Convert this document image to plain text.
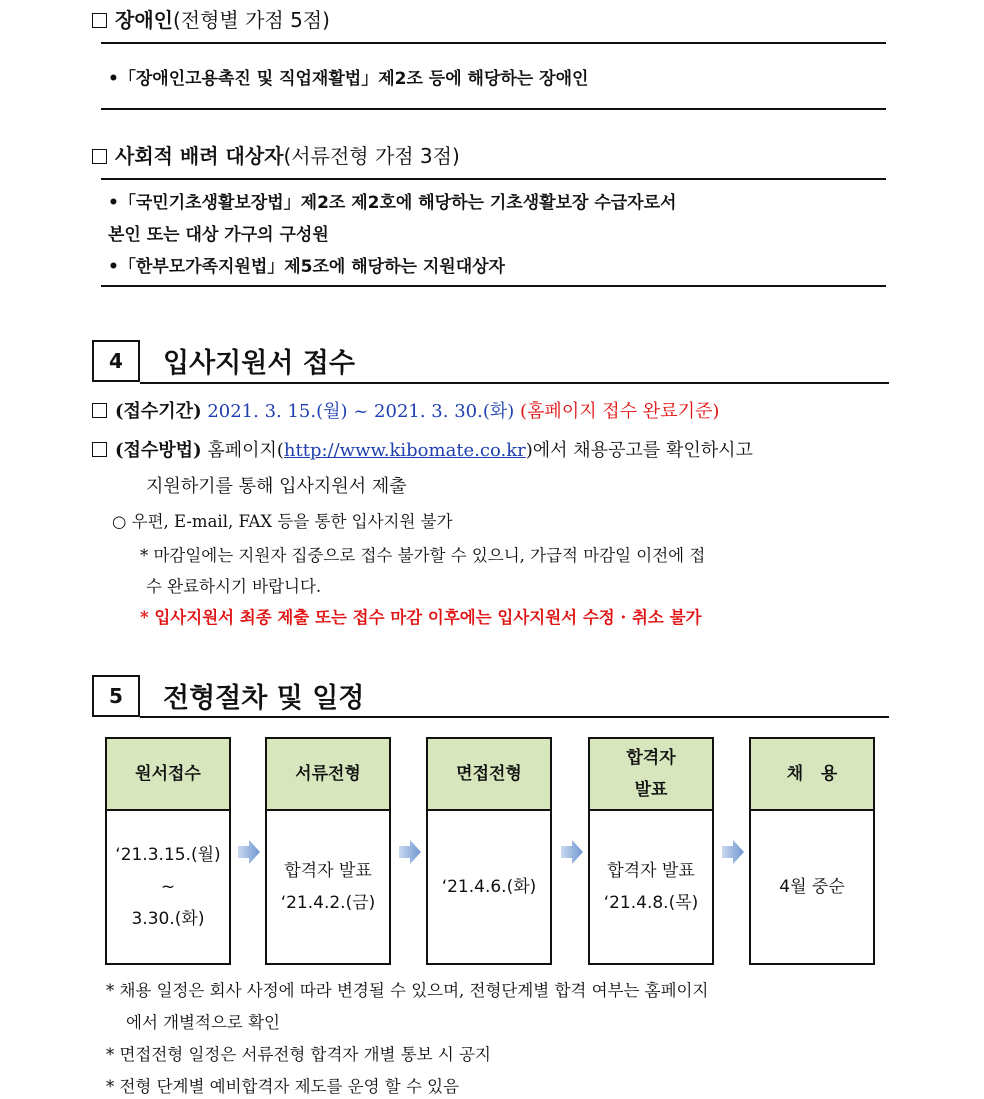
장애인(전형별 가점 5점)
•「장애인고용촉진 및 직업재활법」제2조 등에 해당하는 장애인
사회적 배려 대상자(서류전형 가점 3점)
•「국민기초생활보장법」제2조 제2호에 해당하는 기초생활보장 수급자로서
본인 또는 대상 가구의 구성원
•「한부모가족지원법」제5조에 해당하는 지원대상자
4	입사지원서 접수
(접수기간) 2021. 3. 15.(월) ~ 2021. 3. 30.(화) (홈페이지 접수 완료기준)
(접수방법) 홈페이지(http://www.kibomate.co.kr)에서 채용공고를 확인하시고
지원하기를 통해 입사지원서 제출
○ 우편, E-mail, FAX 등을 통한 입사지원 불가
* 마감일에는 지원자 집중으로 접수 불가할 수 있으니, 가급적 마감일 이전에 접
수 완료하시기 바랍니다.
* 입사지원서 최종 제출 또는 접수 마감 이후에는 입사지원서 수정 · 취소 불가
5	전형절차 및 일정
원서접수
‘21.3.15.(월)
~
3.30.(화)
서류전형
합격자 발표
‘21.4.2.(금)
면접전형
‘21.4.6.(화)
합격자
발표
합격자 발표
‘21.4.8.(목)
채   용
4월 중순
* 채용 일정은 회사 사정에 따라 변경될 수 있으며, 전형단계별 합격 여부는 홈페이지
에서 개별적으로 확인
* 면접전형 일정은 서류전형 합격자 개별 통보 시 공지
* 전형 단계별 예비합격자 제도를 운영 할 수 있음
